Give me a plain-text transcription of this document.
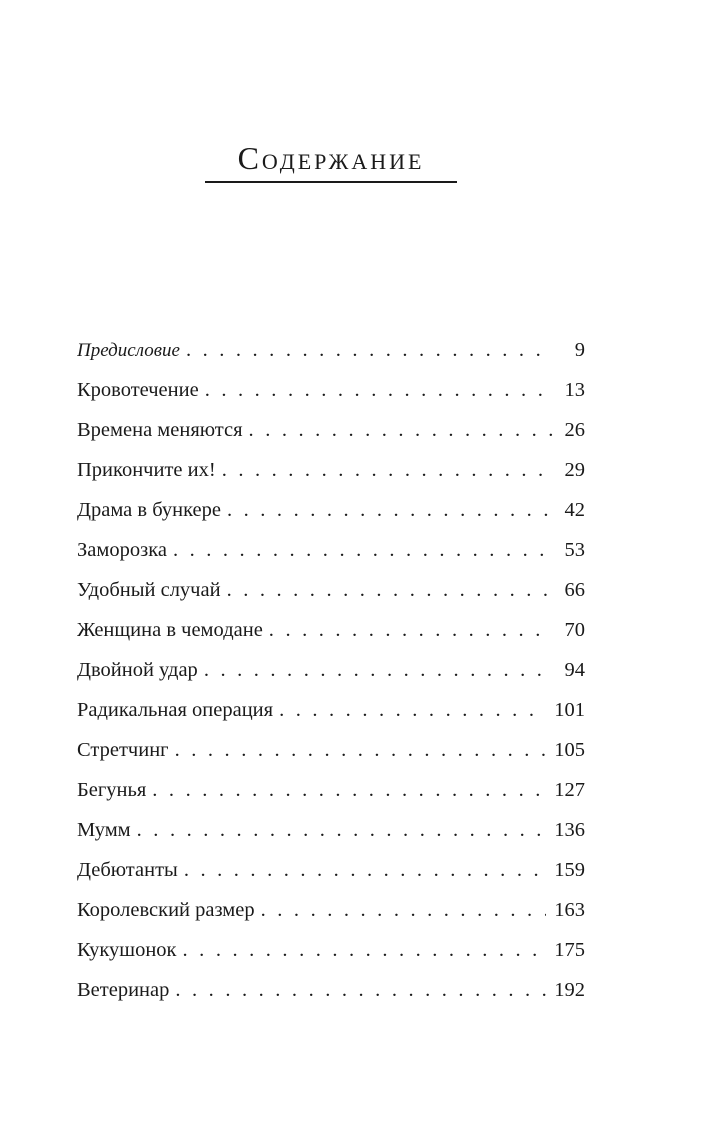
Содержание
Предисловие . . .	9
Кровотечение . . .	13
Времена меняются . . .	26
Прикончите их! . . .	29
Драма в бункере . . .	42
Заморозка . . .	53
Удобный случай . . .	66
Женщина в чемодане . . .	70
Двойной удар . . .	94
Радикальная операция . . .	101
Стретчинг . . .	105
Бегунья . . .	127
Мумм . . .	136
Дебютанты . . .	159
Королевский размер . . .	163
Кукушонок . . .	175
Ветеринар . . .	192
